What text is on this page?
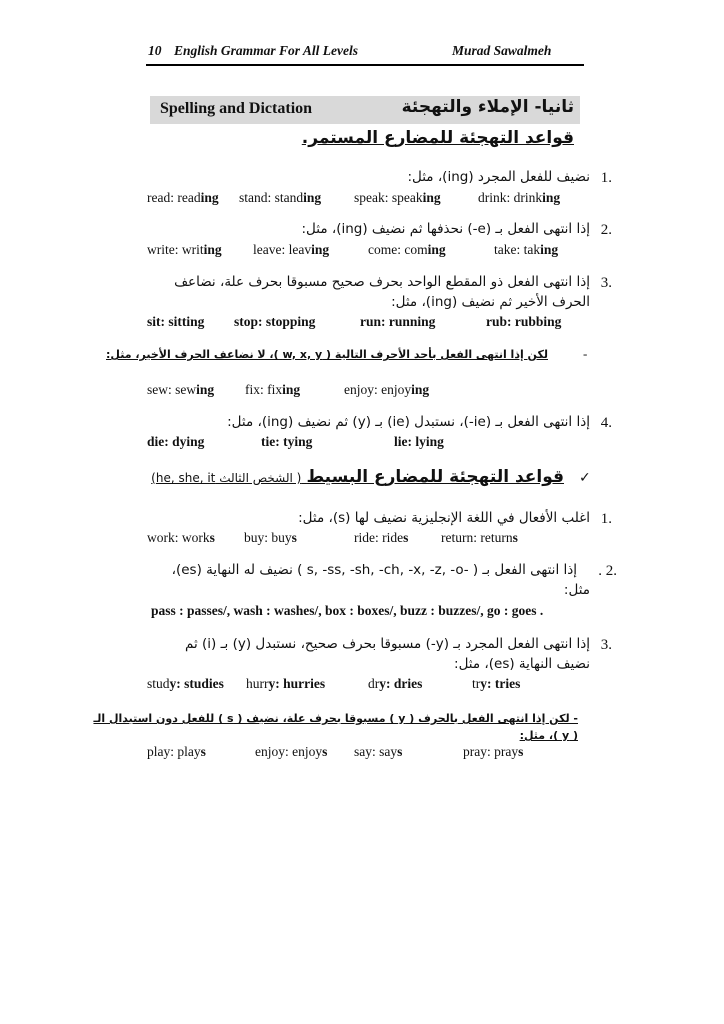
10 English Grammar For All Levels	Murad Sawalmeh
Spelling and Dictation	ثانيا- الإملاء والتهجئة
قواعد التهجئة للمضارع المستمر.
1.
نضيف للفعل المجرد (ing)، مثل:
read: reading stand: standing speak: speaking	drink: drinking
2.
إذا انتهى الفعل بـ (e-) نحذفها ثم نضيف (ing)، مثل:
write: writing leave: leaving	come: coming	take: taking
3.
إذا انتهى الفعل ذو المقطع الواحد بحرف صحيح مسبوقا بحرف علة، نضاعف
الحرف الأخير ثم نضيف (ing)، مثل:
sit: sitting stop: stopping	run: running	rub: rubbing
لكن إذا انتهى الفعل بأحد الأحرف التالية ( w, x, y )، لا نضاعف الحرف الأخير، مثل:	-
sew: sewing fix: fixing	enjoy: enjoying
4.
إذا انتهى الفعل بـ (ie-)، نستبدل (ie) بـ (y) ثم نضيف (ing)، مثل:
die: dying	tie: tying	lie: lying
✓
قواعد التهجئة للمضارع البسيط ( الشخص الثالث he, she, it)
1.
اغلب الأفعال في اللغة الإنجليزية نضيف لها (s)، مثل:
work: works buy: buys	ride: rides return: returns
. 2.
إذا انتهى الفعل بـ ( -s, -ss, -sh, -ch, -x, -z, -o ) نضيف له النهاية (es)،
مثل:
pass : passes/, wash : washes/, box : boxes/, buzz : buzzes/, go : goes .
3.
إذا انتهى الفعل المجرد بـ (y-) مسبوقا بحرف صحيح، نستبدل (y) بـ (i) ثم
نضيف النهاية (es)، مثل:
study: studies hurry: hurries	dry: dries	try: tries
- لكن إذا انتهى الفعل بالحرف ( y ) مسبوقا بحرف علة، نضيف ( s ) للفعل دون استبدال الـ
( y )، مثل:
play: plays	enjoy: enjoys say: says	pray: prays
